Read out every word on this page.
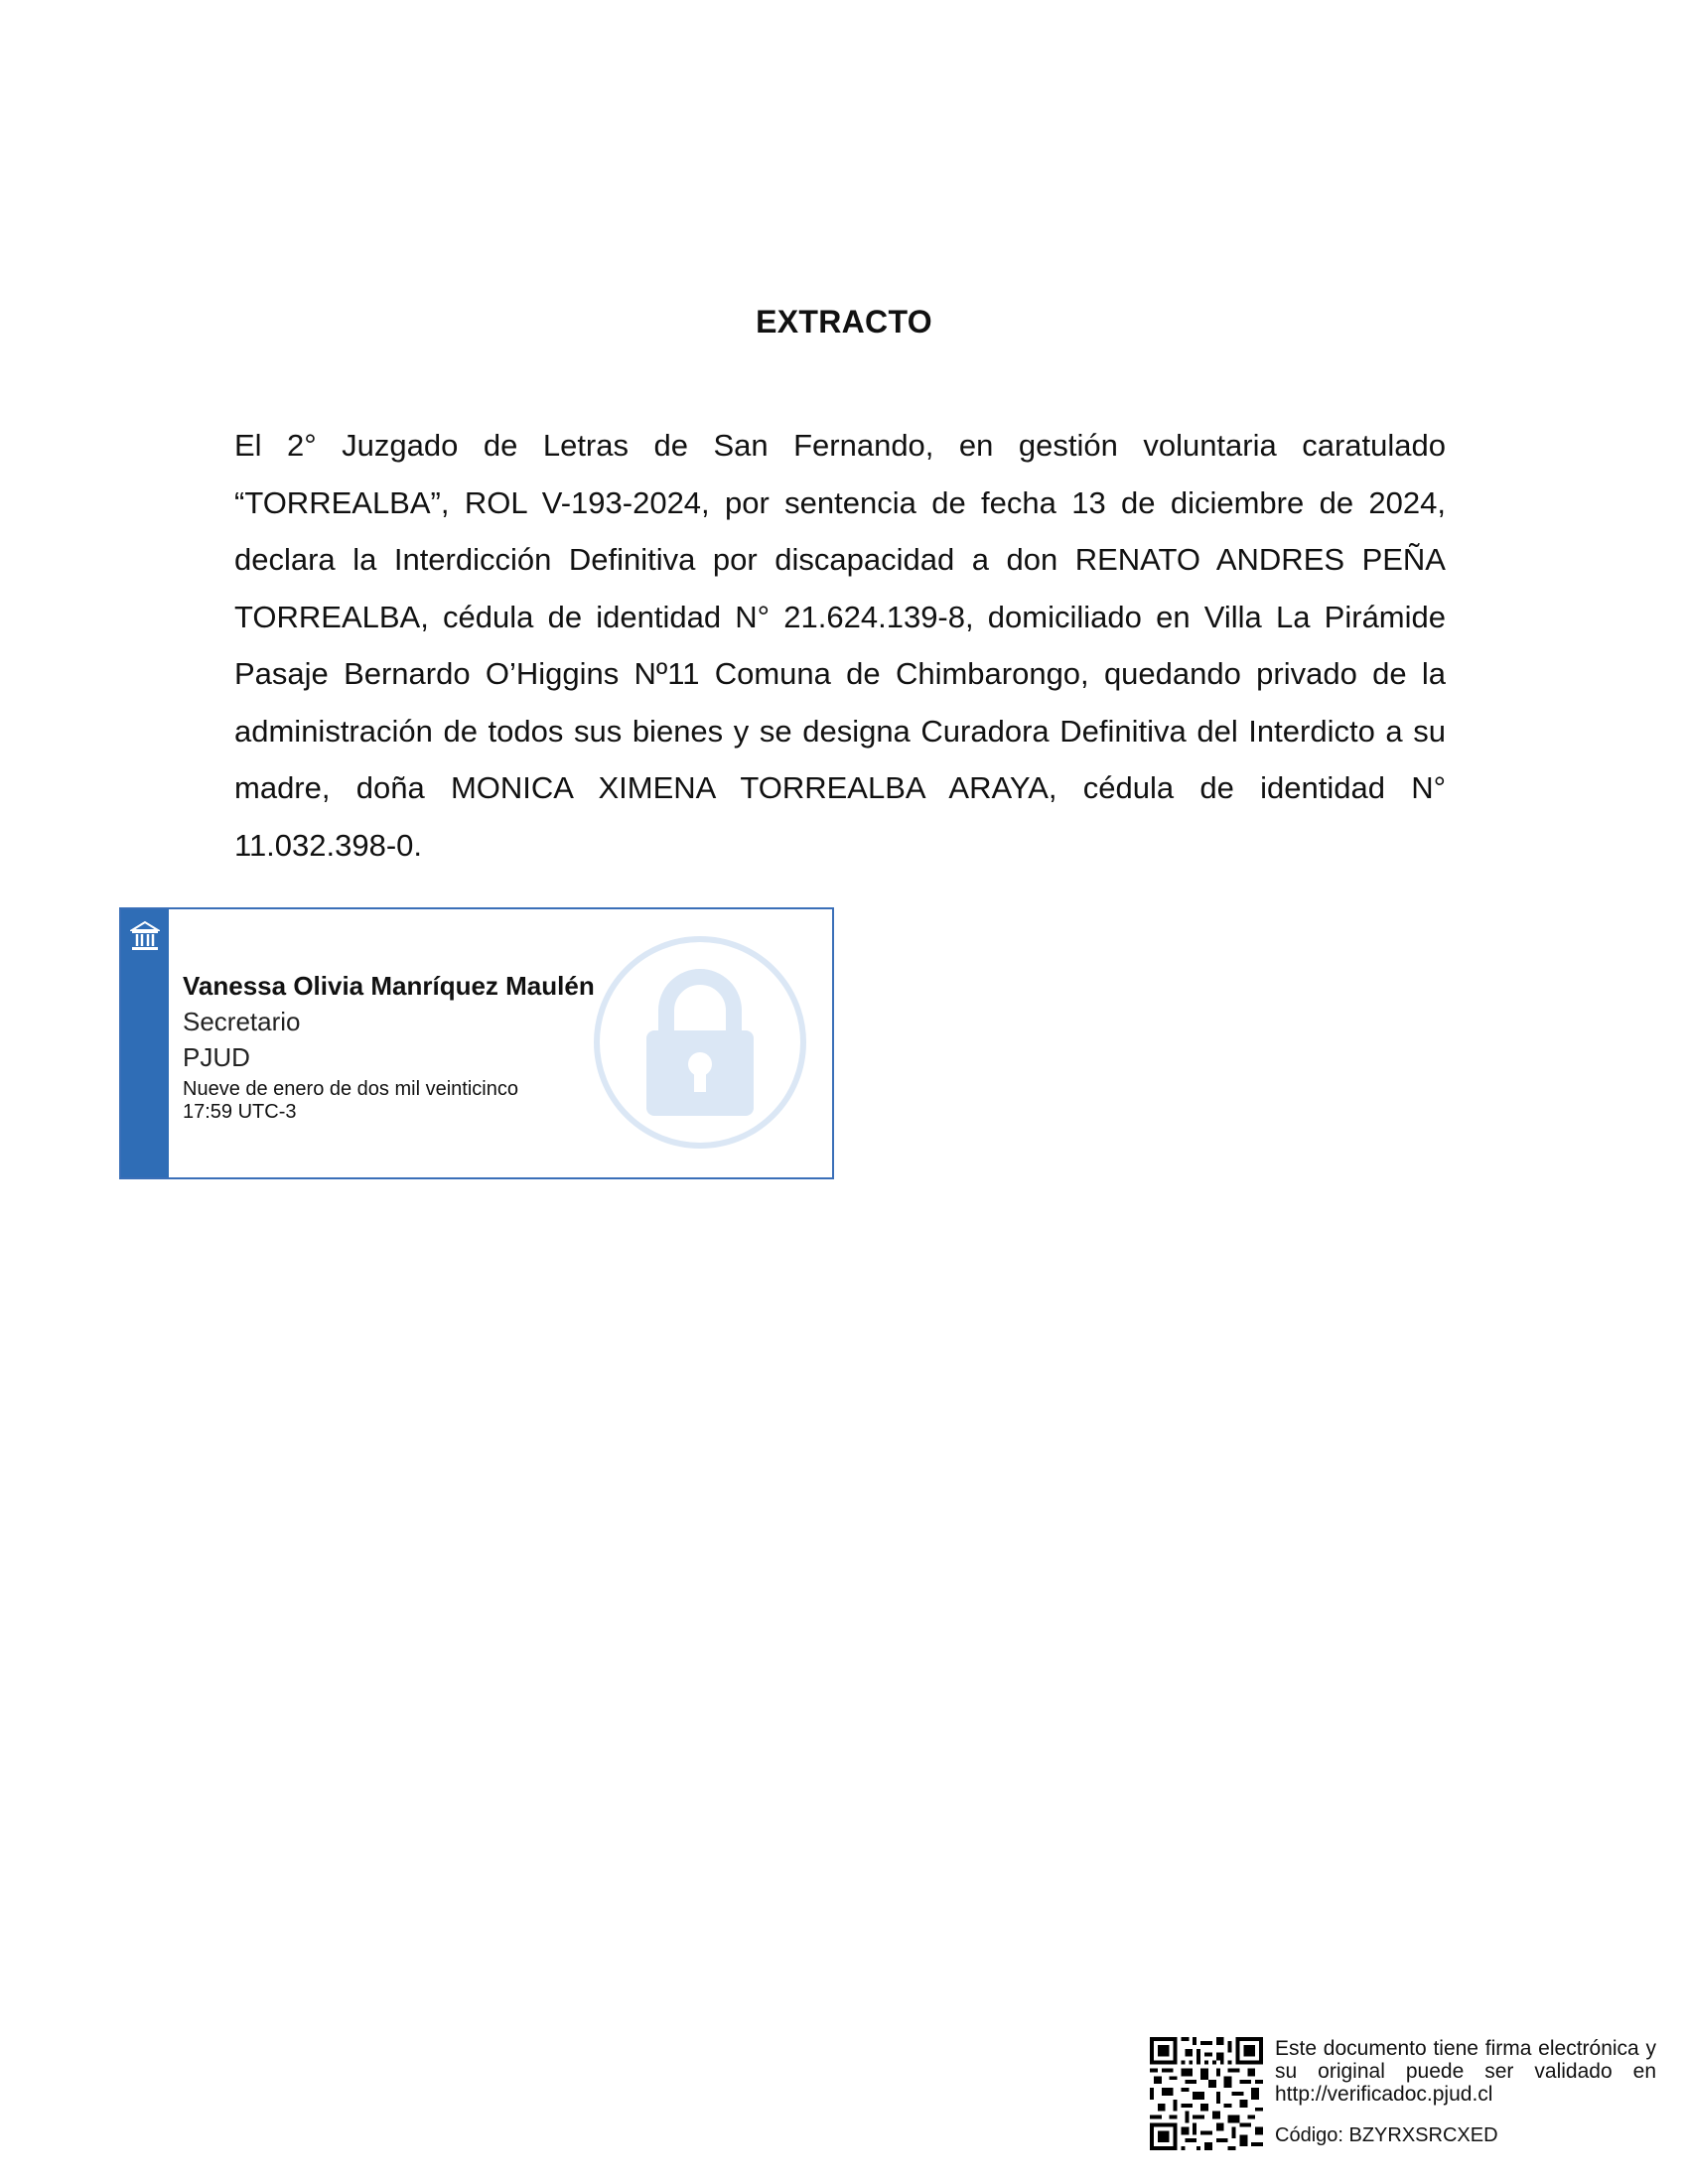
EXTRACTO

El 2° Juzgado de Letras de San Fernando, en gestión voluntaria caratulado “TORREALBA”, ROL V-193-2024, por sentencia de fecha 13 de diciembre de 2024, declara la Interdicción Definitiva por discapacidad a don RENATO ANDRES PEÑA TORREALBA, cédula de identidad N° 21.624.139-8, domiciliado en Villa La Pirámide Pasaje Bernardo O’Higgins Nº11 Comuna de Chimbarongo, quedando privado de la administración de todos sus bienes y se designa Curadora Definitiva del Interdicto a su madre, doña MONICA XIMENA TORREALBA ARAYA, cédula de identidad N° 11.032.398-0.

Vanessa Olivia Manríquez Maulén
Secretario
PJUD
Nueve de enero de dos mil veinticinco
17:59 UTC-3
Este documento tiene firma electrónica y su original puede ser validado en http://verificadoc.pjud.cl
Código: BZYRXSRCXED
